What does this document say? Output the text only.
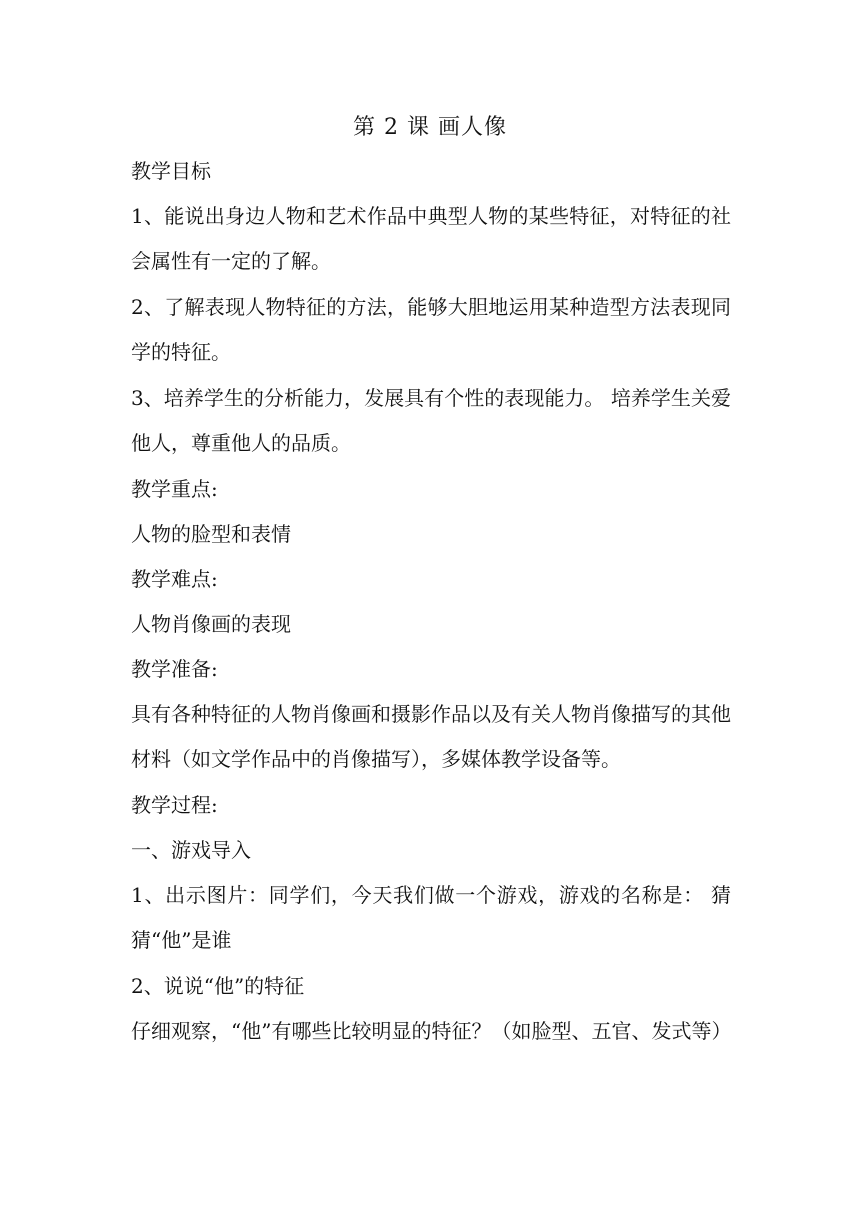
第 2 课 画人像
教学目标
1、能说出身边人物和艺术作品中典型人物的某些特征，对特征的社会属性有一定的了解。
2、了解表现人物特征的方法，能够大胆地运用某种造型方法表现同学的特征。
3、培养学生的分析能力，发展具有个性的表现能力。 培养学生关爱他人，尊重他人的品质。
教学重点:
人物的脸型和表情
教学难点:
人物肖像画的表现
教学准备:
具有各种特征的人物肖像画和摄影作品以及有关人物肖像描写的其他材料（如文学作品中的肖像描写），多媒体教学设备等。
教学过程:
一、游戏导入
1、出示图片：同学们，今天我们做一个游戏，游戏的名称是： 猜猜“他”是谁
2、说说“他”的特征
仔细观察，“他”有哪些比较明显的特征？（如脸型、五官、发式等）
